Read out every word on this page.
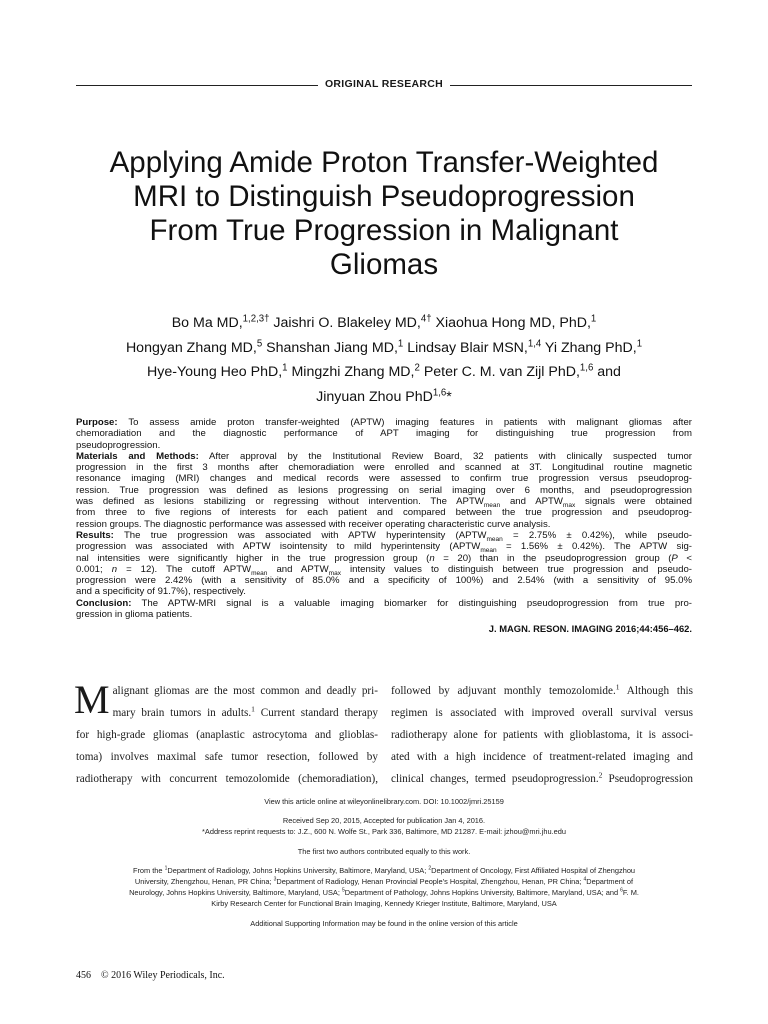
ORIGINAL RESEARCH
Applying Amide Proton Transfer-Weighted
MRI to Distinguish Pseudoprogression
From True Progression in Malignant
Gliomas
Bo Ma MD,$^{1,2,3\dagger}$ Jaishri O. Blakeley MD,$^{4\dagger}$ Xiaohua Hong MD, PhD,$^1$
Hongyan Zhang MD,$^5$ Shanshan Jiang MD,$^1$ Lindsay Blair MSN,$^{1,4}$ Yi Zhang PhD,$^1$
Hye-Young Heo PhD,$^1$ Mingzhi Zhang MD,$^2$ Peter C. M. van Zijl PhD,$^{1,6}$ and
Jinyuan Zhou PhD$^{1,6}$*
Purpose: To assess amide proton transfer-weighted (APTW) imaging features in patients with malignant gliomas after
chemoradiation and the diagnostic performance of APT imaging for distinguishing true progression from
pseudoprogression.
Materials and Methods: After approval by the Institutional Review Board, 32 patients with clinically suspected tumor
progression in the first 3 months after chemoradiation were enrolled and scanned at 3T. Longitudinal routine magnetic
resonance imaging (MRI) changes and medical records were assessed to confirm true progression versus pseudoprog-
ression. True progression was defined as lesions progressing on serial imaging over 6 months, and pseudoprogression
was defined as lesions stabilizing or regressing without intervention. The $APTW_{mean}$ and $APTW_{max}$ signals were obtained
from three to five regions of interests for each patient and compared between the true progression and pseudoprog-
ression groups. The diagnostic performance was assessed with receiver operating characteristic curve analysis.
Results: The true progression was associated with APTW hyperintensity $(APTW_{mean} = 2.75\% \pm 0.42\%)$, while pseudo-
progression was associated with APTW isointensity to mild hyperintensity $(APTW_{mean} = 1.56\% \pm 0.42\%)$. The APTW sig-
nal intensities were significantly higher in the true progression group (n = 20) than in the pseudoprogression group (P <
0.001; n = 12). The cutoff $APTW_{mean}$ and $APTW_{max}$ intensity values to distinguish between true progression and pseudo-
progression were 2.42% (with a sensitivity of 85.0% and a specificity of 100%) and 2.54% (with a sensitivity of 95.0%
and a specificity of 91.7%), respectively.
Conclusion: The APTW-MRI signal is a valuable imaging biomarker for distinguishing pseudoprogression from true pro-
gression in glioma patients.
J. MAGN. RESON. IMAGING 2016;44:456–462.
M alignant gliomas are the most common and deadly pri-
mary brain tumors in adults.$^1$ Current standard therapy
for high-grade gliomas (anaplastic astrocytoma and glioblas-
toma) involves maximal safe tumor resection, followed by
radiotherapy with concurrent temozolomide (chemoradiation),
followed by adjuvant monthly temozolomide.$^1$ Although this
regimen is associated with improved overall survival versus
radiotherapy alone for patients with glioblastoma, it is associ-
ated with a high incidence of treatment-related imaging and
clinical changes, termed pseudoprogression.$^2$ Pseudoprogression
View this article online at wileyonlinelibrary.com. DOI: 10.1002/jmri.25159
Received Sep 20, 2015, Accepted for publication Jan 4, 2016.
*Address reprint requests to: J.Z., 600 N. Wolfe St., Park 336, Baltimore, MD 21287. E-mail: jzhou@mri.jhu.edu
The first two authors contributed equally to this work.
From the $^1$Department of Radiology, Johns Hopkins University, Baltimore, Maryland, USA; $^2$Department of Oncology, First Affiliated Hospital of Zhengzhou
University, Zhengzhou, Henan, PR China; $^3$Department of Radiology, Henan Provincial People’s Hospital, Zhengzhou, Henan, PR China; $^4$Department of
Neurology, Johns Hopkins University, Baltimore, Maryland, USA; $^5$Department of Pathology, Johns Hopkins University, Baltimore, Maryland, USA; and $^6$F. M.
Kirby Research Center for Functional Brain Imaging, Kennedy Krieger Institute, Baltimore, Maryland, USA
Additional Supporting Information may be found in the online version of this article
456 © 2016 Wiley Periodicals, Inc.
